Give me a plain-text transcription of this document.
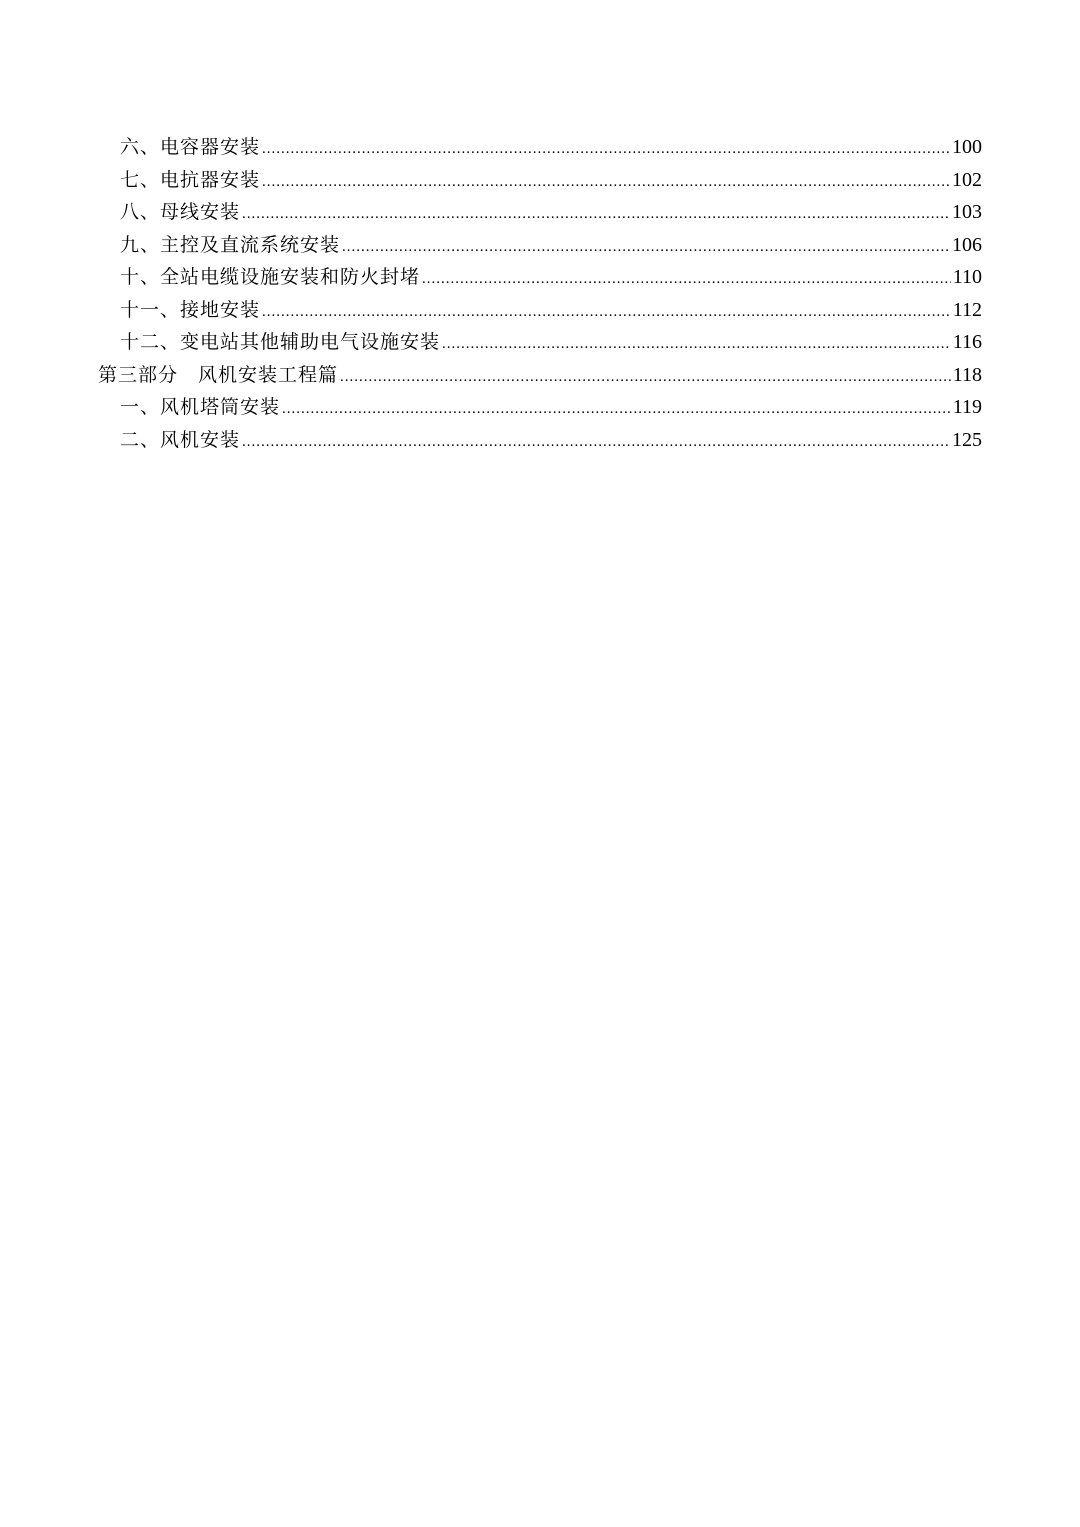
六、电容器安装 .....	100
七、电抗器安装 .....	102
八、母线安装 .....	103
九、主控及直流系统安装 .....	106
十、全站电缆设施安装和防火封堵 .....	110
十一、接地安装 .....	112
十二、变电站其他辅助电气设施安装 .....	116
第三部分　风机安装工程篇 .....	118
一、风机塔筒安装 .....	119
二、风机安装 .....	125
